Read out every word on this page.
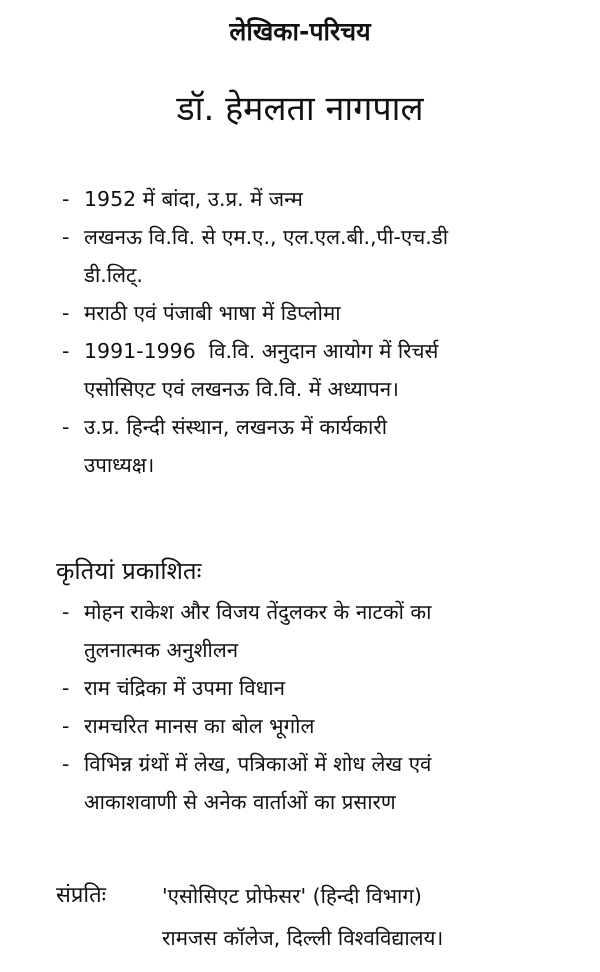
लेखिका-परिचय
डॉ. हेमलता नागपाल
- 1952 में बांदा, उ.प्र. में जन्म
- लखनऊ वि.वि. से एम.ए., एल.एल.बी.,पी-एच.डी
डी.लिट्.
- मराठी एवं पंजाबी भाषा में डिप्लोमा
- 1991-1996  वि.वि. अनुदान आयोग में रिचर्स
एसोसिएट एवं लखनऊ वि.वि. में अध्यापन।
- उ.प्र. हिन्दी संस्थान, लखनऊ में कार्यकारी
उपाध्यक्ष।
कृतियां प्रकाशितः
- मोहन राकेश और विजय तेंदुलकर के नाटकों का
तुलनात्मक अनुशीलन
- राम चंद्रिका में उपमा विधान
- रामचरित मानस का बोल भूगोल
- विभिन्न ग्रंथों में लेख, पत्रिकाओं में शोध लेख एवं
आकाशवाणी से अनेक वार्ताओं का प्रसारण
संप्रतिः	'एसोसिएट प्रोफेसर' (हिन्दी विभाग)
रामजस कॉलेज, दिल्ली विश्वविद्यालय।
